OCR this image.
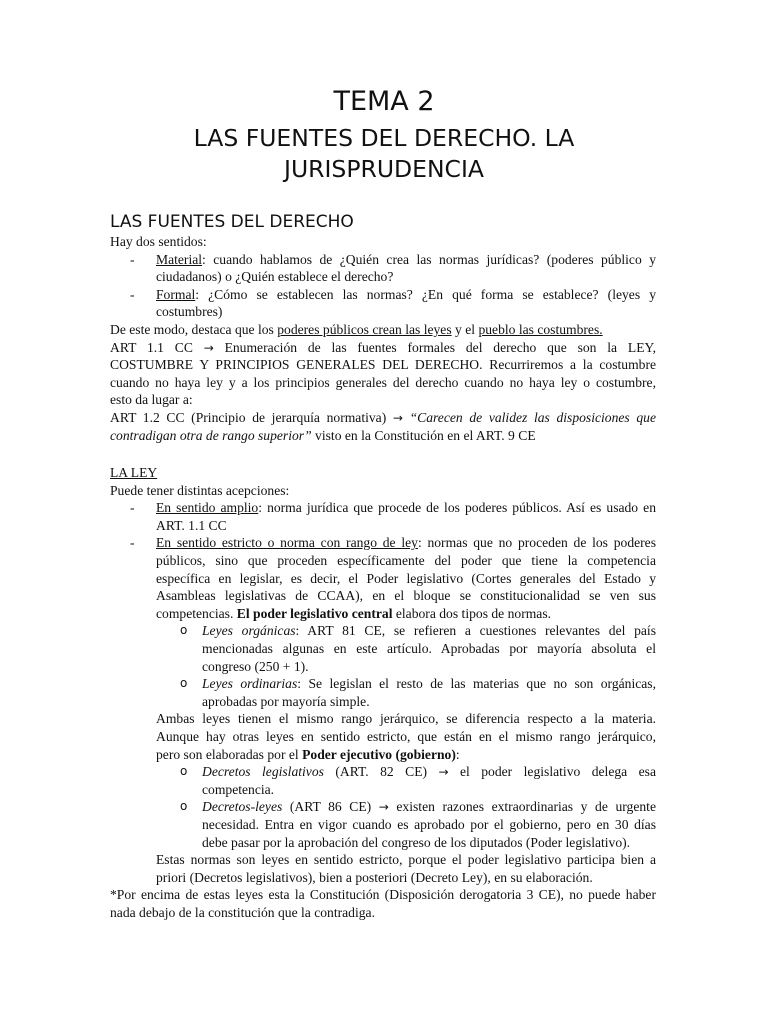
TEMA 2
LAS FUENTES DEL DERECHO. LA
JURISPRUDENCIA
LAS FUENTES DEL DERECHO
Hay dos sentidos:
- Material: cuando hablamos de ¿Quién crea las normas jurídicas? (poderes público y
ciudadanos) o ¿Quién establece el derecho?
- Formal: ¿Cómo se establecen las normas? ¿En qué forma se establece? (leyes y
costumbres)
De este modo, destaca que los poderes públicos crean las leyes y el pueblo las costumbres.
ART 1.1 CC → Enumeración de las fuentes formales del derecho que son la LEY,
COSTUMBRE Y PRINCIPIOS GENERALES DEL DERECHO. Recurriremos a la costumbre
cuando no haya ley y a los principios generales del derecho cuando no haya ley o costumbre,
esto da lugar a:
ART 1.2 CC (Principio de jerarquía normativa) → “Carecen de validez las disposiciones que
contradigan otra de rango superior” visto en la Constitución en el ART. 9 CE
LA LEY
Puede tener distintas acepciones:
- En sentido amplio: norma jurídica que procede de los poderes públicos. Así es usado en
ART. 1.1 CC
- En sentido estricto o norma con rango de ley: normas que no proceden de los poderes
públicos, sino que proceden específicamente del poder que tiene la competencia
específica en legislar, es decir, el Poder legislativo (Cortes generales del Estado y
Asambleas legislativas de CCAA), en el bloque se constitucionalidad se ven sus
competencias. El poder legislativo central elabora dos tipos de normas.
o Leyes orgánicas: ART 81 CE, se refieren a cuestiones relevantes del país
mencionadas algunas en este artículo. Aprobadas por mayoría absoluta el
congreso (250 + 1).
o Leyes ordinarias: Se legislan el resto de las materias que no son orgánicas,
aprobadas por mayoría simple.
Ambas leyes tienen el mismo rango jerárquico, se diferencia respecto a la materia.
Aunque hay otras leyes en sentido estricto, que están en el mismo rango jerárquico,
pero son elaboradas por el Poder ejecutivo (gobierno):
o Decretos legislativos (ART. 82 CE) → el poder legislativo delega esa
competencia.
o Decretos-leyes (ART 86 CE) → existen razones extraordinarias y de urgente
necesidad. Entra en vigor cuando es aprobado por el gobierno, pero en 30 días
debe pasar por la aprobación del congreso de los diputados (Poder legislativo).
Estas normas son leyes en sentido estricto, porque el poder legislativo participa bien a
priori (Decretos legislativos), bien a posteriori (Decreto Ley), en su elaboración.
*Por encima de estas leyes esta la Constitución (Disposición derogatoria 3 CE), no puede haber
nada debajo de la constitución que la contradiga.
